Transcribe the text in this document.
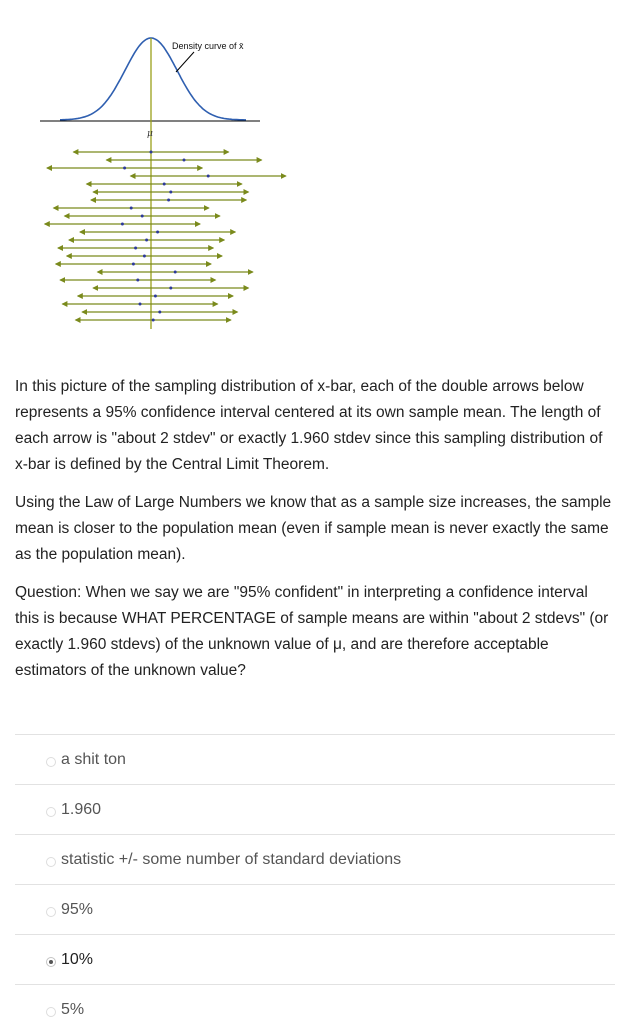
μ
Density curve of x̄

In this picture of the sampling distribution of x-bar, each of the double arrows below represents a 95% confidence interval centered at its own sample mean. The length of each arrow is "about 2 stdev" or exactly 1.960 stdev since this sampling distribution of x-bar is defined by the Central Limit Theorem.

Using the Law of Large Numbers we know that as a sample size increases, the sample mean is closer to the population mean (even if sample mean is never exactly the same as the population mean).

Question: When we say we are "95% confident" in interpreting a confidence interval this is because WHAT PERCENTAGE of sample means are within "about 2 stdevs" (or exactly 1.960 stdevs) of the unknown value of μ, and are therefore acceptable estimators of the unknown value?

a shit ton
1.960
statistic +/- some number of standard deviations
95%
10%
5%
